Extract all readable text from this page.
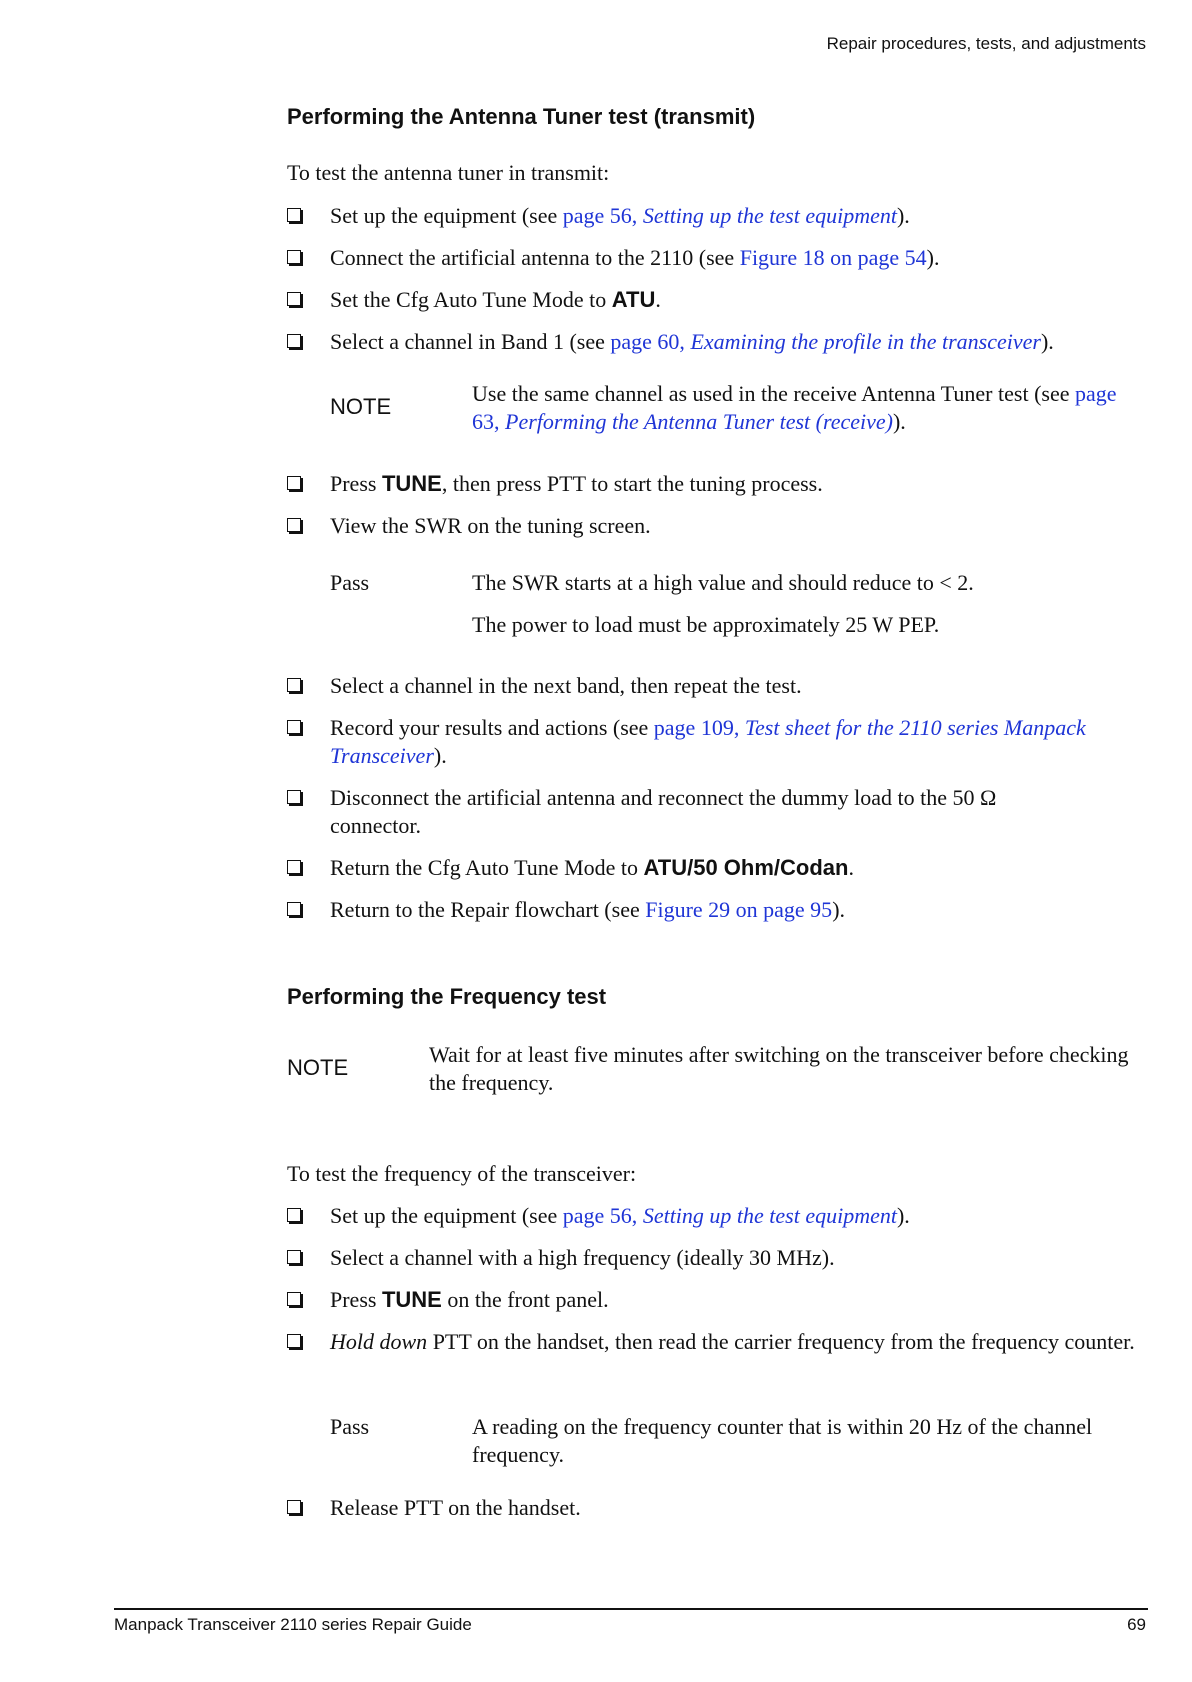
Repair procedures, tests, and adjustments
Performing the Antenna Tuner test (transmit)
To test the antenna tuner in transmit:
Set up the equipment (see page 56, Setting up the test equipment).
Connect the artificial antenna to the 2110 (see Figure 18 on page 54).
Set the Cfg Auto Tune Mode to ATU.
Select a channel in Band 1 (see page 60, Examining the profile in the transceiver).
NOTE
Use the same channel as used in the receive Antenna Tuner test (see page 63, Performing the Antenna Tuner test (receive)).
Press TUNE, then press PTT to start the tuning process.
View the SWR on the tuning screen.
Pass	The SWR starts at a high value and should reduce to < 2.
The power to load must be approximately 25 W PEP.
Select a channel in the next band, then repeat the test.
Record your results and actions (see page 109, Test sheet for the 2110 series Manpack Transceiver).
Disconnect the artificial antenna and reconnect the dummy load to the 50 Ω connector.
Return the Cfg Auto Tune Mode to ATU/50 Ohm/Codan.
Return to the Repair flowchart (see Figure 29 on page 95).
Performing the Frequency test
NOTE
Wait for at least five minutes after switching on the transceiver before checking the frequency.
To test the frequency of the transceiver:
Set up the equipment (see page 56, Setting up the test equipment).
Select a channel with a high frequency (ideally 30 MHz).
Press TUNE on the front panel.
Hold down PTT on the handset, then read the carrier frequency from the frequency counter.
Pass	A reading on the frequency counter that is within 20 Hz of the channel frequency.
Release PTT on the handset.
Manpack Transceiver 2110 series Repair Guide	69
